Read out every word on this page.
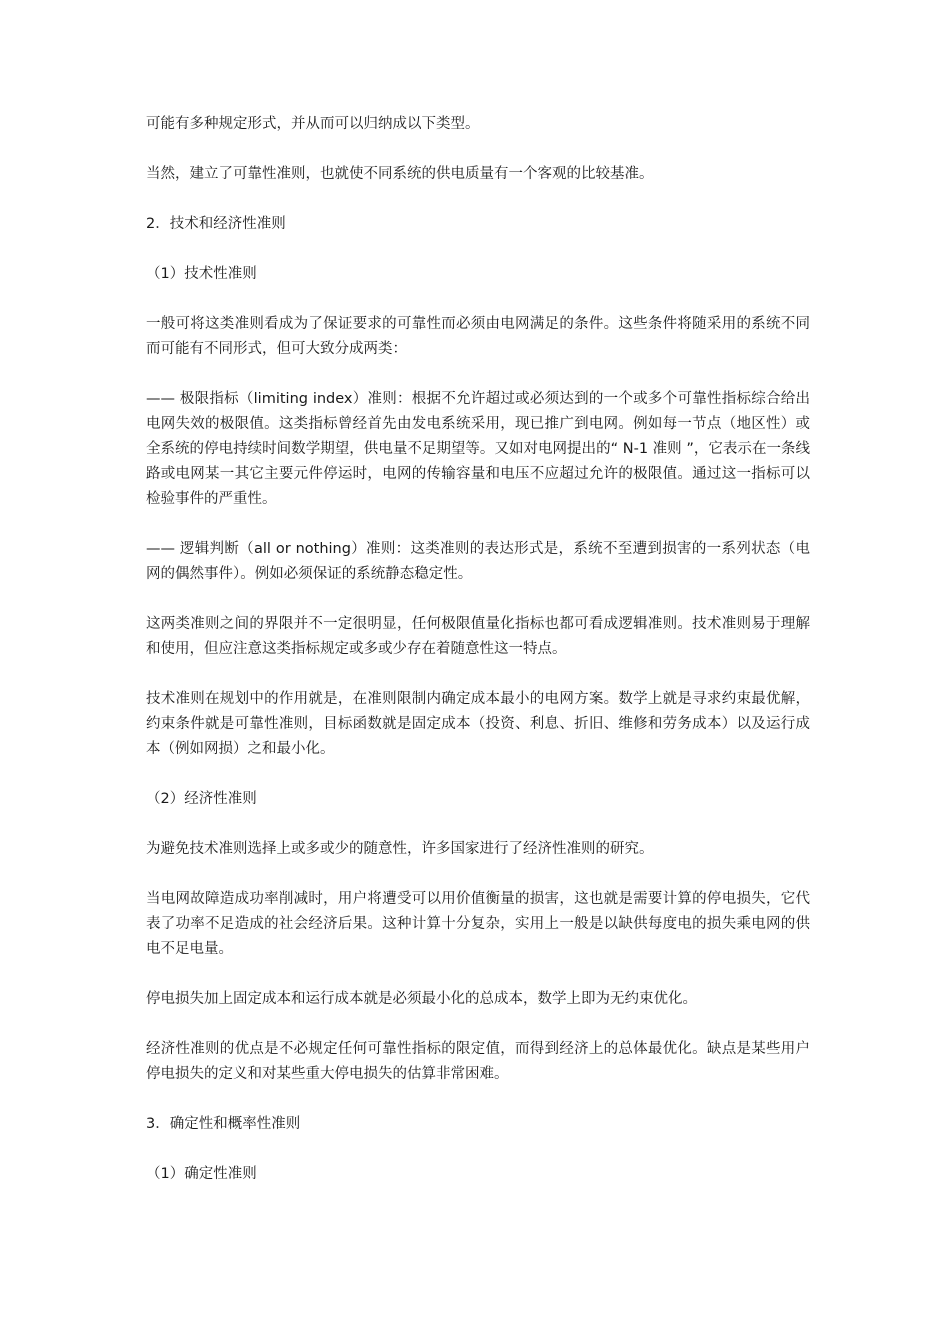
可能有多种规定形式，并从而可以归纳成以下类型。

当然，建立了可靠性准则，也就使不同系统的供电质量有一个客观的比较基准。

2．技术和经济性准则

（1）技术性准则

一般可将这类准则看成为了保证要求的可靠性而必须由电网满足的条件。这些条件将随采用的系统不同而可能有不同形式，但可大致分成两类：

—— 极限指标（limiting index）准则：根据不允许超过或必须达到的一个或多个可靠性指标综合给出电网失效的极限值。这类指标曾经首先由发电系统采用，现已推广到电网。例如每一节点（地区性）或全系统的停电持续时间数学期望，供电量不足期望等。又如对电网提出的“ N-1 准则 ”，它表示在一条线路或电网某一其它主要元件停运时，电网的传输容量和电压不应超过允许的极限值。通过这一指标可以检验事件的严重性。

—— 逻辑判断（all or nothing）准则：这类准则的表达形式是，系统不至遭到损害的一系列状态（电网的偶然事件）。例如必须保证的系统静态稳定性。

这两类准则之间的界限并不一定很明显，任何极限值量化指标也都可看成逻辑准则。技术准则易于理解和使用，但应注意这类指标规定或多或少存在着随意性这一特点。

技术准则在规划中的作用就是，在准则限制内确定成本最小的电网方案。数学上就是寻求约束最优解，约束条件就是可靠性准则，目标函数就是固定成本（投资、利息、折旧、维修和劳务成本）以及运行成本（例如网损）之和最小化。

（2）经济性准则

为避免技术准则选择上或多或少的随意性，许多国家进行了经济性准则的研究。

当电网故障造成功率削减时，用户将遭受可以用价值衡量的损害，这也就是需要计算的停电损失，它代表了功率不足造成的社会经济后果。这种计算十分复杂，实用上一般是以缺供每度电的损失乘电网的供电不足电量。

停电损失加上固定成本和运行成本就是必须最小化的总成本，数学上即为无约束优化。

经济性准则的优点是不必规定任何可靠性指标的限定值，而得到经济上的总体最优化。缺点是某些用户停电损失的定义和对某些重大停电损失的估算非常困难。

3．确定性和概率性准则

（1）确定性准则
